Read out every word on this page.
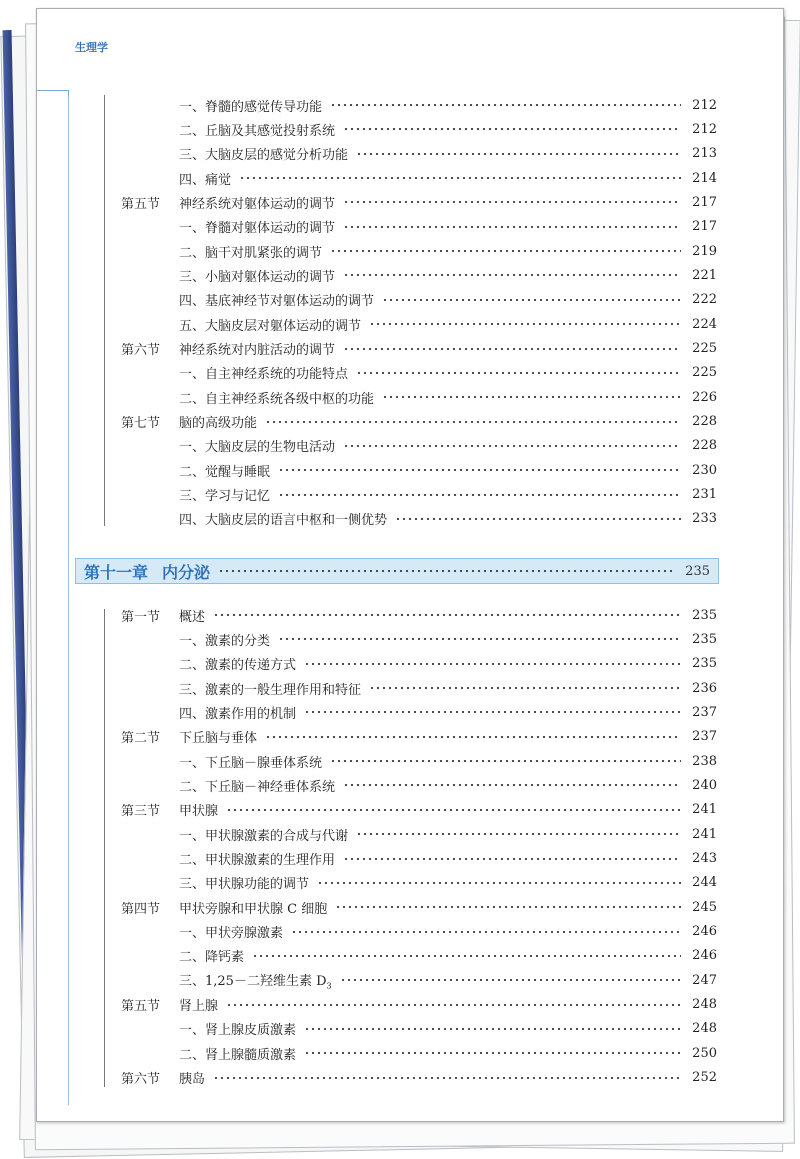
生理学
一、脊髓的感觉传导功能	212
二、丘脑及其感觉投射系统	212
三、大脑皮层的感觉分析功能	213
四、痛觉	214
第五节	神经系统对躯体运动的调节	217
一、脊髓对躯体运动的调节	217
二、脑干对肌紧张的调节	219
三、小脑对躯体运动的调节	221
四、基底神经节对躯体运动的调节	222
五、大脑皮层对躯体运动的调节	224
第六节	神经系统对内脏活动的调节	225
一、自主神经系统的功能特点	225
二、自主神经系统各级中枢的功能	226
第七节	脑的高级功能	228
一、大脑皮层的生物电活动	228
二、觉醒与睡眠	230
三、学习与记忆	231
四、大脑皮层的语言中枢和一侧优势	233
第十一章 内分泌	235
第一节	概述	235
一、激素的分类	235
二、激素的传递方式	235
三、激素的一般生理作用和特征	236
四、激素作用的机制	237
第二节	下丘脑与垂体	237
一、下丘脑－腺垂体系统	238
二、下丘脑－神经垂体系统	240
第三节	甲状腺	241
一、甲状腺激素的合成与代谢	241
二、甲状腺激素的生理作用	243
三、甲状腺功能的调节	244
第四节	甲状旁腺和甲状腺 C 细胞	245
一、甲状旁腺激素	246
二、降钙素	246
三、1,25－二羟维生素 $D_3$	247
第五节	肾上腺	248
一、肾上腺皮质激素	248
二、肾上腺髓质激素	250
第六节	胰岛	252
